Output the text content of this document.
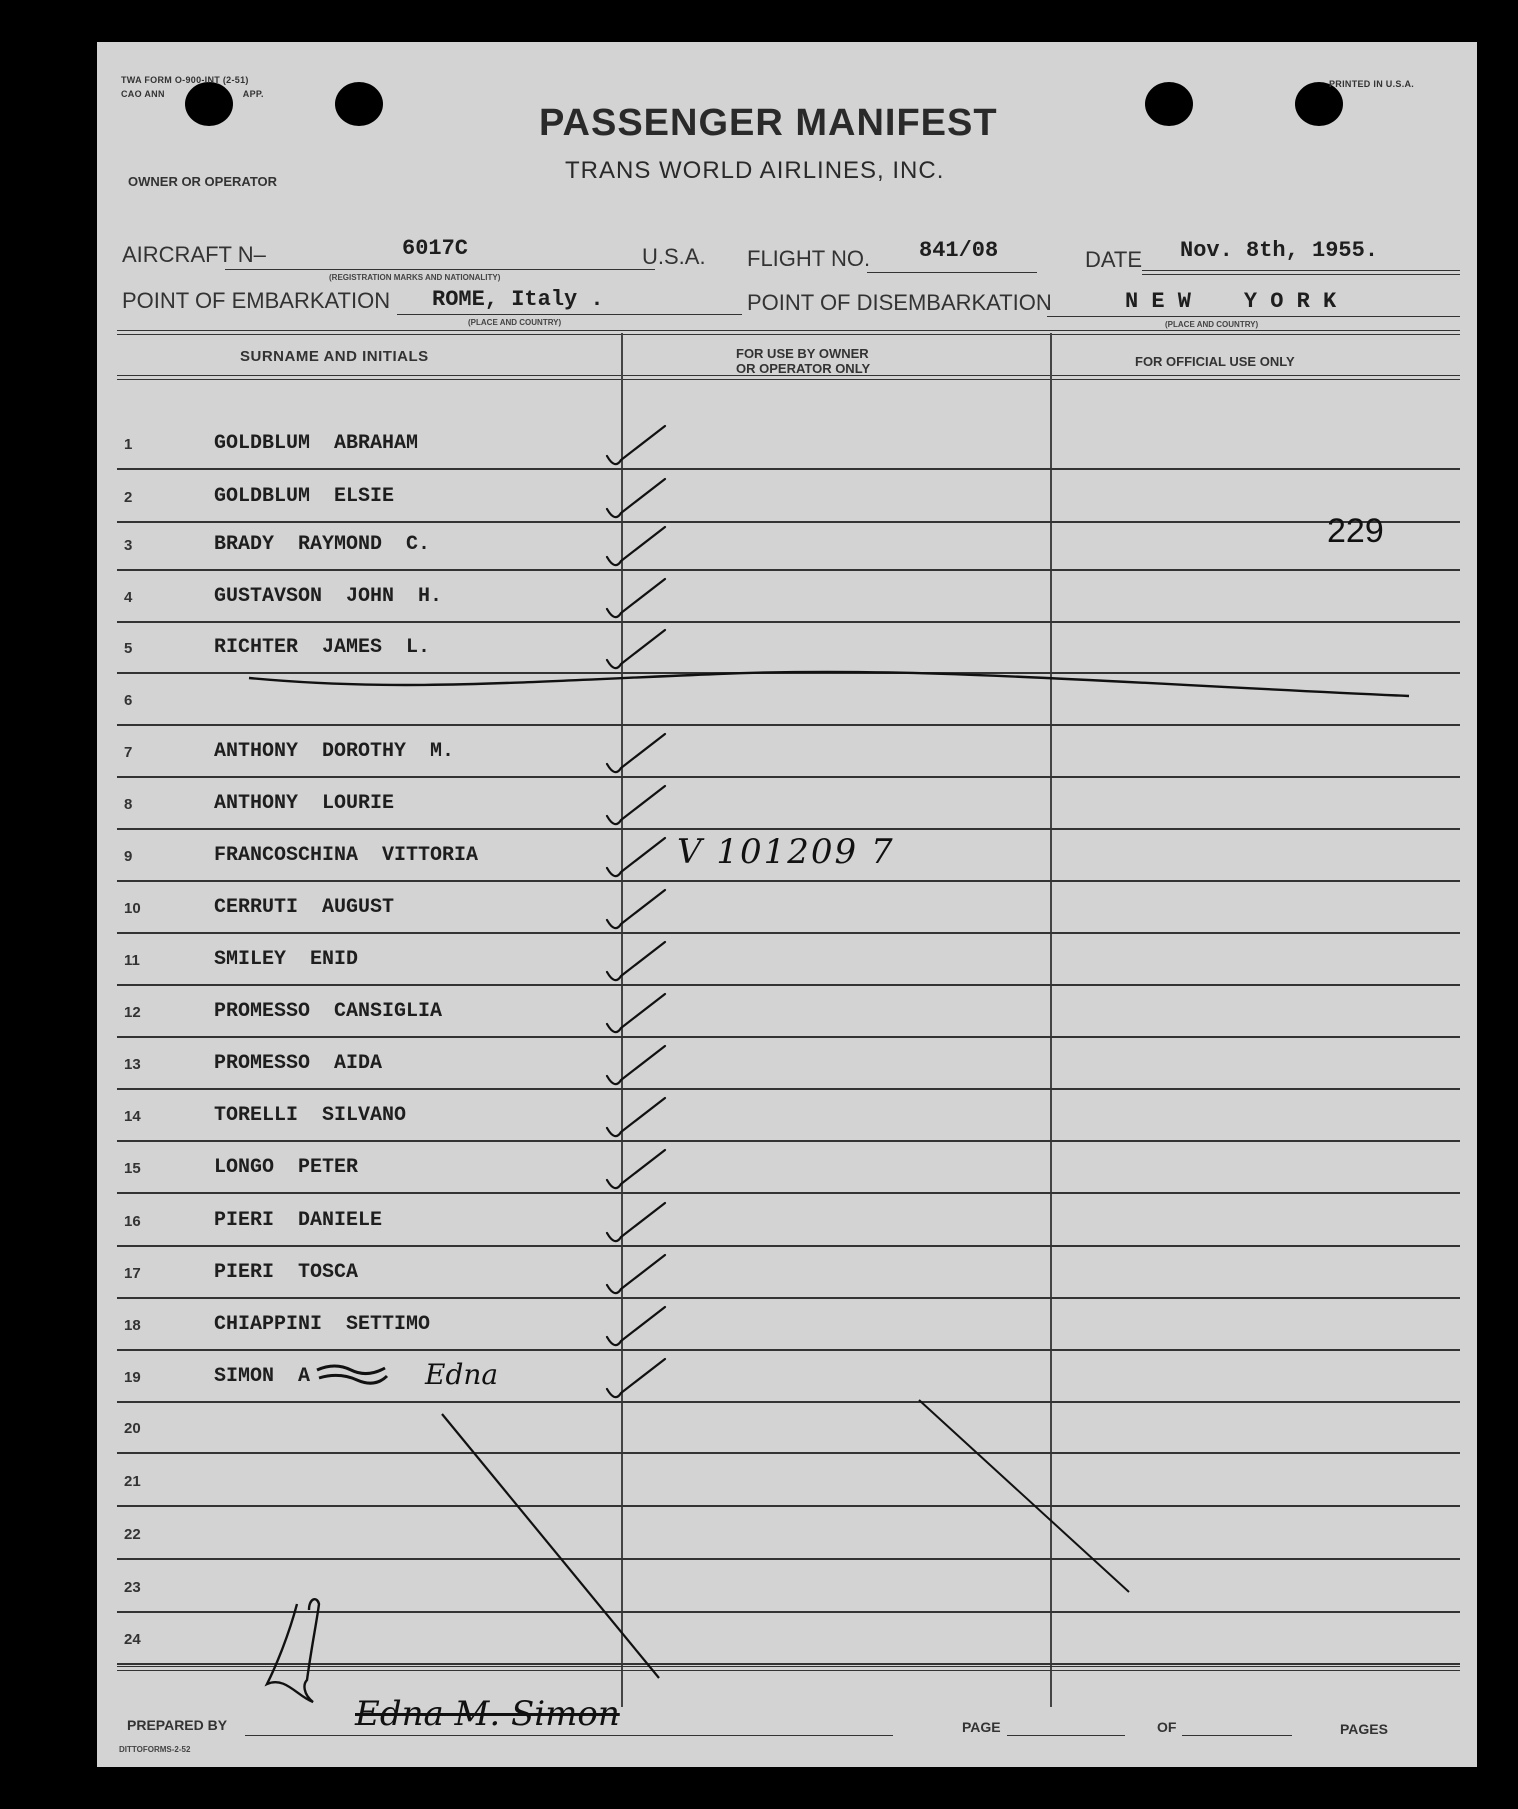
TWA FORM O-900-INT (2-51)
CAO ANN	APP.
PRINTED IN U.S.A.
PASSENGER MANIFEST
TRANS WORLD AIRLINES, INC.
OWNER OR OPERATOR
AIRCRAFT N–	6017C
(REGISTRATION MARKS AND NATIONALITY)
U.S.A. FLIGHT NO. 841/08	DATE Nov. 8th, 1955.
POINT OF EMBARKATION ROME, Italy .
(PLACE AND COUNTRY)
POINT OF DISEMBARKATION	N E W    Y O R K
(PLACE AND COUNTRY)
SURNAME AND INITIALS	FOR USE BY OWNER
OR OPERATOR ONLY	FOR OFFICIAL USE ONLY
1	GOLDBLUM  ABRAHAM
2	GOLDBLUM  ELSIE
3	BRADY  RAYMOND  C.
4	GUSTAVSON  JOHN  H.
5	RICHTER  JAMES  L.
6
7	ANTHONY  DOROTHY  M.
8	ANTHONY  LOURIE
9	FRANCOSCHINA  VITTORIA
10	CERRUTI  AUGUST
11	SMILEY  ENID
12	PROMESSO  CANSIGLIA
13	PROMESSO  AIDA
14	TORELLI  SILVANO
15	LONGO  PETER
16	PIERI  DANIELE
17	PIERI  TOSCA
18	CHIAPPINI  SETTIMO
19	SIMON  A
20
21
22
23
24
229
V 101209 7
Edna
PREPARED BY	Edna M. Simon	PAGE	OF	PAGES
DITTOFORMS-2-52
